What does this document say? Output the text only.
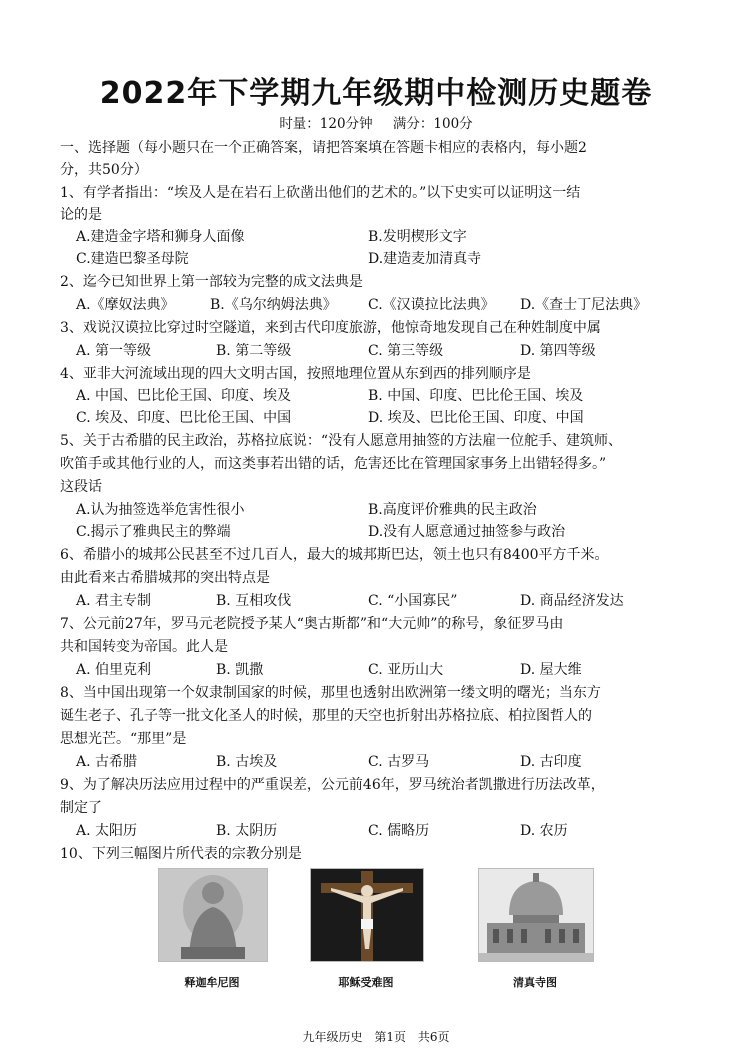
2022年下学期九年级期中检测历史题卷
时量：120分钟 满分：100分
一、选择题（每小题只在一个正确答案，请把答案填在答题卡相应的表格内，每小题2
分，共50分）
1、有学者指出：“埃及人是在岩石上砍凿出他们的艺术的。”以下史实可以证明这一结
论的是
A.建造金字塔和狮身人面像	B.发明楔形文字
C.建造巴黎圣母院	D.建造麦加清真寺
2、迄今已知世界上第一部较为完整的成文法典是
A.《摩奴法典》	B.《乌尔纳姆法典》 C.《汉谟拉比法典》 D.《查士丁尼法典》
3、戏说汉谟拉比穿过时空隧道，来到古代印度旅游，他惊奇地发现自己在种姓制度中属
A. 第一等级	B. 第二等级	C. 第三等级	D. 第四等级
4、亚非大河流域出现的四大文明古国，按照地理位置从东到西的排列顺序是
A. 中国、巴比伦王国、印度、埃及	B. 中国、印度、巴比伦王国、埃及
C. 埃及、印度、巴比伦王国、中国	D. 埃及、巴比伦王国、印度、中国
5、关于古希腊的民主政治，苏格拉底说：“没有人愿意用抽签的方法雇一位舵手、建筑师、
吹笛手或其他行业的人，而这类事若出错的话，危害还比在管理国家事务上出错轻得多。”
这段话
A.认为抽签选举危害性很小	B.高度评价雅典的民主政治
C.揭示了雅典民主的弊端	D.没有人愿意通过抽签参与政治
6、希腊小的城邦公民甚至不过几百人，最大的城邦斯巴达，领土也只有8400平方千米。
由此看来古希腊城邦的突出特点是
A. 君主专制	B. 互相攻伐	C. “小国寡民”	D. 商品经济发达
7、公元前27年，罗马元老院授予某人“奥古斯都”和“大元帅”的称号，象征罗马由
共和国转变为帝国。此人是
A. 伯里克利	B. 凯撒	C. 亚历山大	D. 屋大维
8、当中国出现第一个奴隶制国家的时候，那里也透射出欧洲第一缕文明的曙光；当东方
诞生老子、孔子等一批文化圣人的时候，那里的天空也折射出苏格拉底、柏拉图哲人的
思想光芒。“那里”是
A. 古希腊	B. 古埃及	C. 古罗马	D. 古印度
9、为了解决历法应用过程中的严重误差，公元前46年，罗马统治者凯撒进行历法改革，
制定了
A. 太阳历	B. 太阴历	C. 儒略历	D. 农历
10、下列三幅图片所代表的宗教分别是
释迦牟尼图	耶稣受难图	清真寺图
九年级历史 第1页 共6页
